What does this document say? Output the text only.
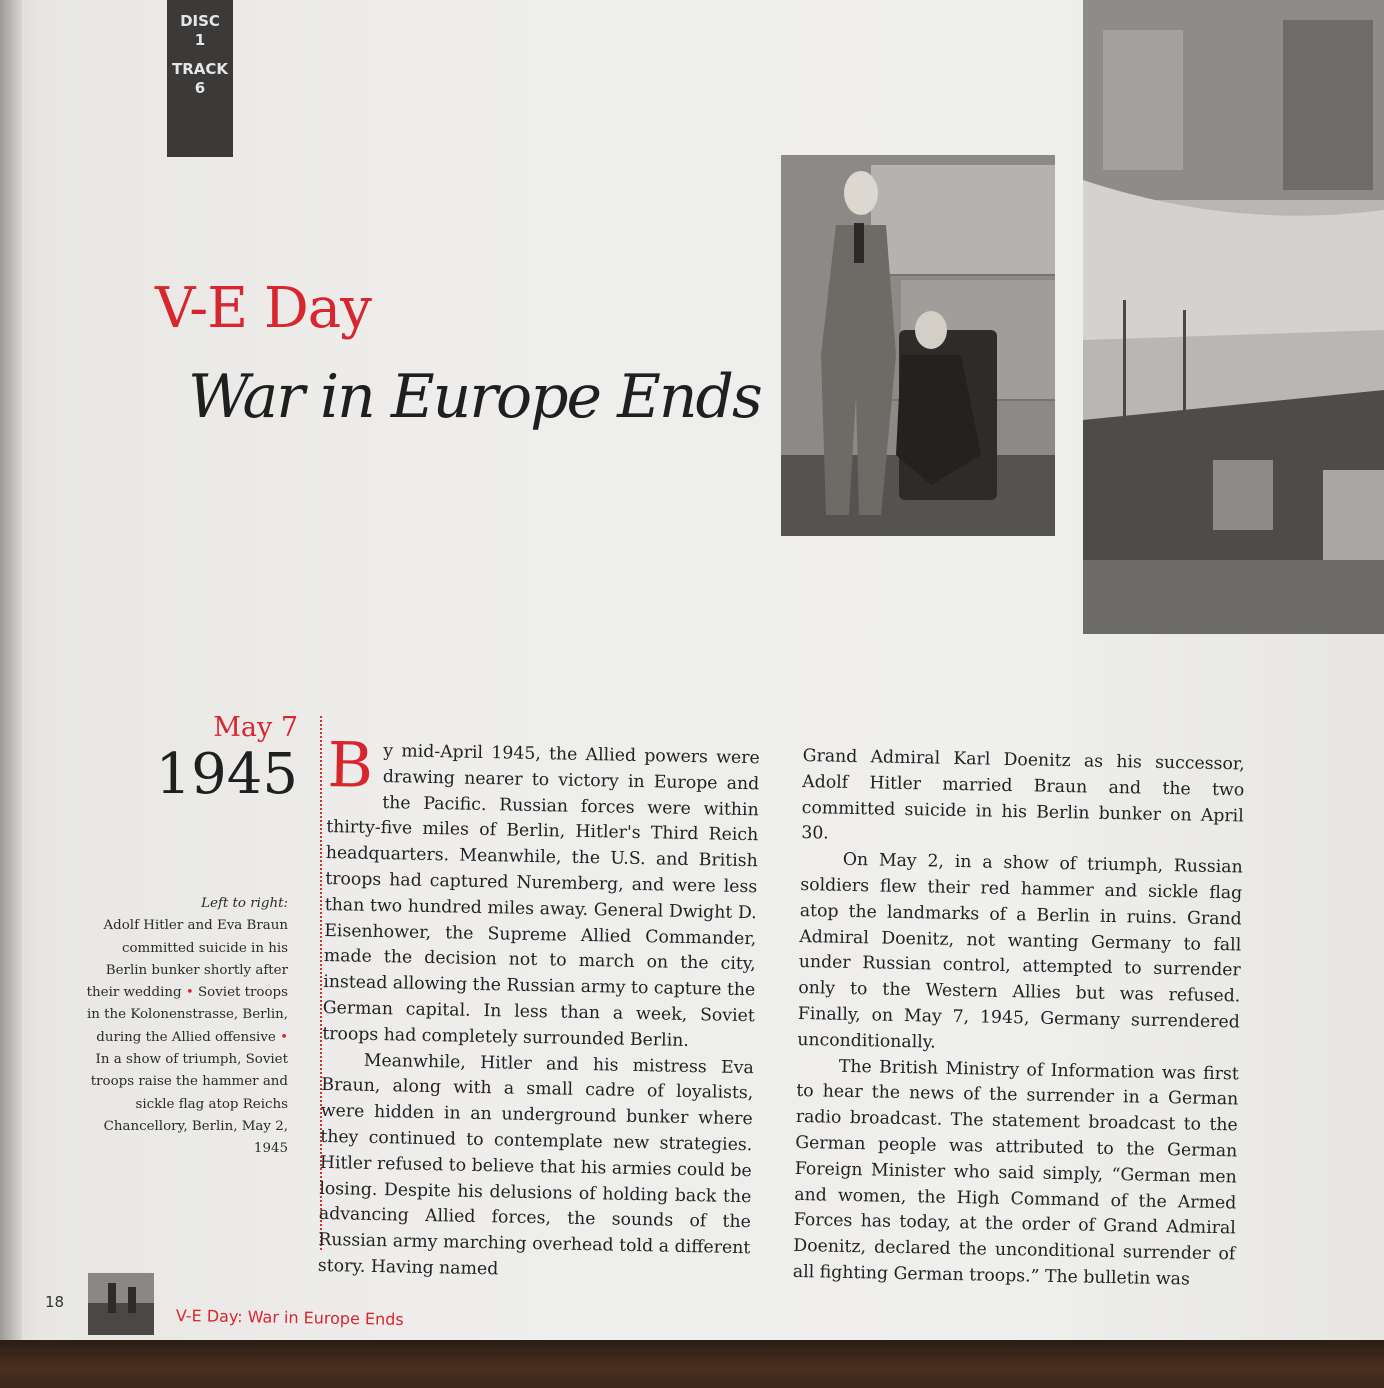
DISC
1
TRACK
6
V-E Day
War in Europe Ends
May 7
1945
Left to right:
Adolf Hitler and Eva Braun committed suicide in his Berlin bunker shortly after their wedding • Soviet troops in the Kolonenstrasse, Berlin, during the Allied offensive • In a show of triumph, Soviet troops raise the hammer and sickle flag atop Reichs Chancellory, Berlin, May 2, 1945

By mid-April 1945, the Allied powers were drawing nearer to victory in Europe and the Pacific. Russian forces were within thirty-five miles of Berlin, Hitler's Third Reich headquarters. Meanwhile, the U.S. and British troops had captured Nuremberg, and were less than two hundred miles away. General Dwight D. Eisenhower, the Supreme Allied Commander, made the decision not to march on the city, instead allowing the Russian army to capture the German capital. In less than a week, Soviet troops had completely surrounded Berlin.

Meanwhile, Hitler and his mistress Eva Braun, along with a small cadre of loyalists, were hidden in an underground bunker where they continued to contemplate new strategies. Hitler refused to believe that his armies could be losing. Despite his delusions of holding back the advancing Allied forces, the sounds of the Russian army marching overhead told a different story. Having named

Grand Admiral Karl Doenitz as his successor, Adolf Hitler married Braun and the two committed suicide in his Berlin bunker on April 30.

On May 2, in a show of triumph, Russian soldiers flew their red hammer and sickle flag atop the landmarks of a Berlin in ruins. Grand Admiral Doenitz, not wanting Germany to fall under Russian control, attempted to surrender only to the Western Allies but was refused. Finally, on May 7, 1945, Germany surrendered unconditionally.

The British Ministry of Information was first to hear the news of the surrender in a German radio broadcast. The statement broadcast to the German people was attributed to the German Foreign Minister who said simply, “German men and women, the High Command of the Armed Forces has today, at the order of Grand Admiral Doenitz, declared the unconditional surrender of all fighting German troops.” The bulletin was

18
V-E Day: War in Europe Ends
